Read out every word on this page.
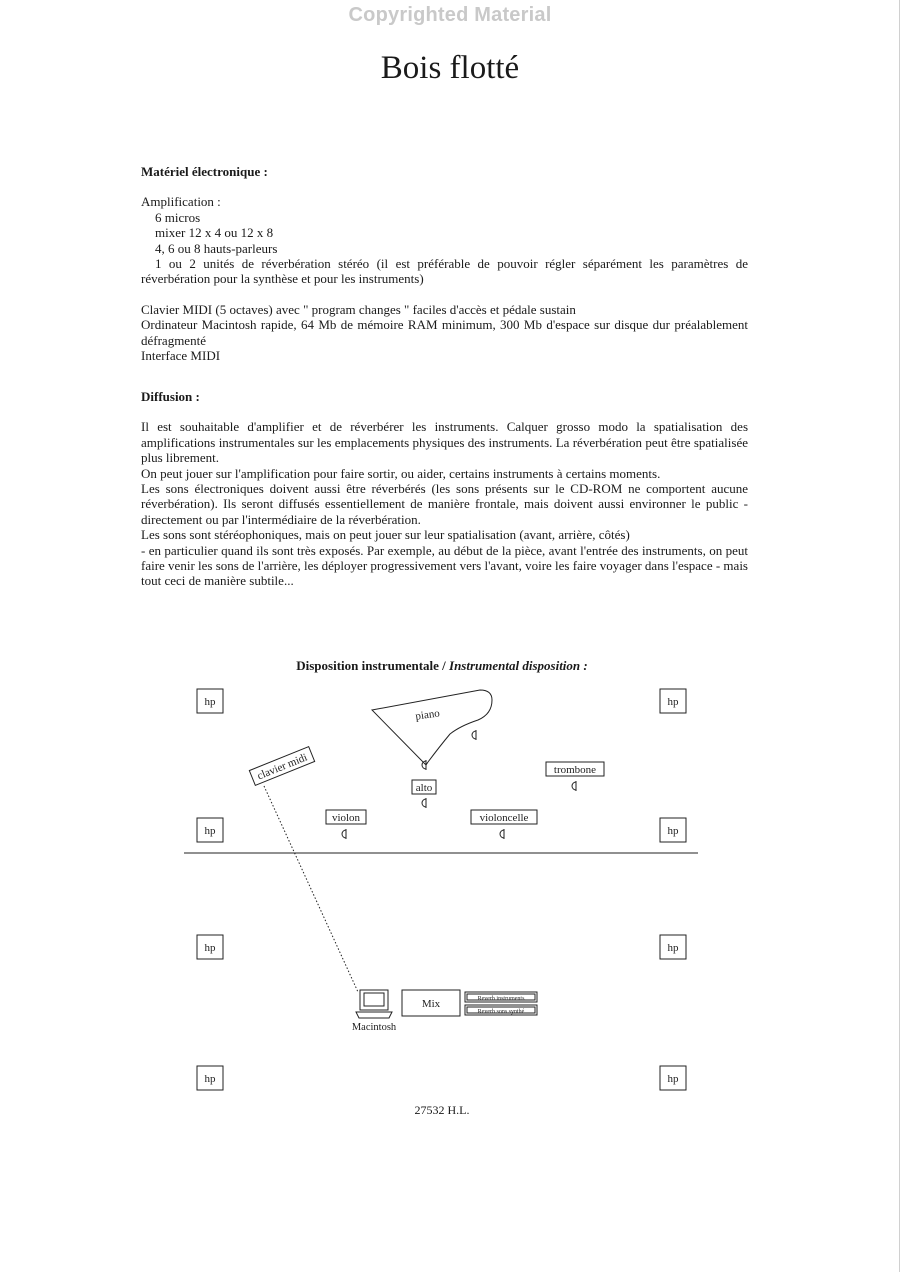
Copyrighted Material
Bois flotté
Matériel électronique :
Amplification :
6 micros
mixer 12 x 4 ou 12 x 8
4, 6 ou 8 hauts-parleurs
1 ou 2 unités de réverbération stéréo (il est préférable de pouvoir régler séparément les paramètres de réverbération pour la synthèse et pour les instruments)
Clavier MIDI (5 octaves) avec " program changes " faciles d'accès et pédale sustain
Ordinateur Macintosh rapide, 64 Mb de mémoire RAM minimum, 300 Mb d'espace sur disque dur préalablement défragmenté
Interface MIDI
Diffusion :
Il est souhaitable d'amplifier et de réverbérer les instruments. Calquer grosso modo la spatialisation des amplifications instrumentales sur les emplacements physiques des instruments. La réverbération peut être spatialisée plus librement.
On peut jouer sur l'amplification pour faire sortir, ou aider, certains instruments à certains moments.
Les sons électroniques doivent aussi être réverbérés (les sons présents sur le CD-ROM ne comportent aucune réverbération). Ils seront diffusés essentiellement de manière frontale, mais doivent aussi environner le public - directement ou par l'intermédiaire de la réverbération.
Les sons sont stéréophoniques, mais on peut jouer sur leur spatialisation (avant, arrière, côtés)
- en particulier quand ils sont très exposés. Par exemple, au début de la pièce, avant l'entrée des instruments, on peut faire venir les sons de l'arrière, les déployer progressivement vers l'avant, voire les faire voyager dans l'espace - mais tout ceci de manière subtile...
Disposition instrumentale / Instrumental disposition :
hp	hp
hp	hp
hp	hp
hp	hp
piano
clavier midi	trombone
alto
violon	violoncelle
Macintosh
Mix	Reverb instruments
Reverb sons synthé
27532 H.L.
